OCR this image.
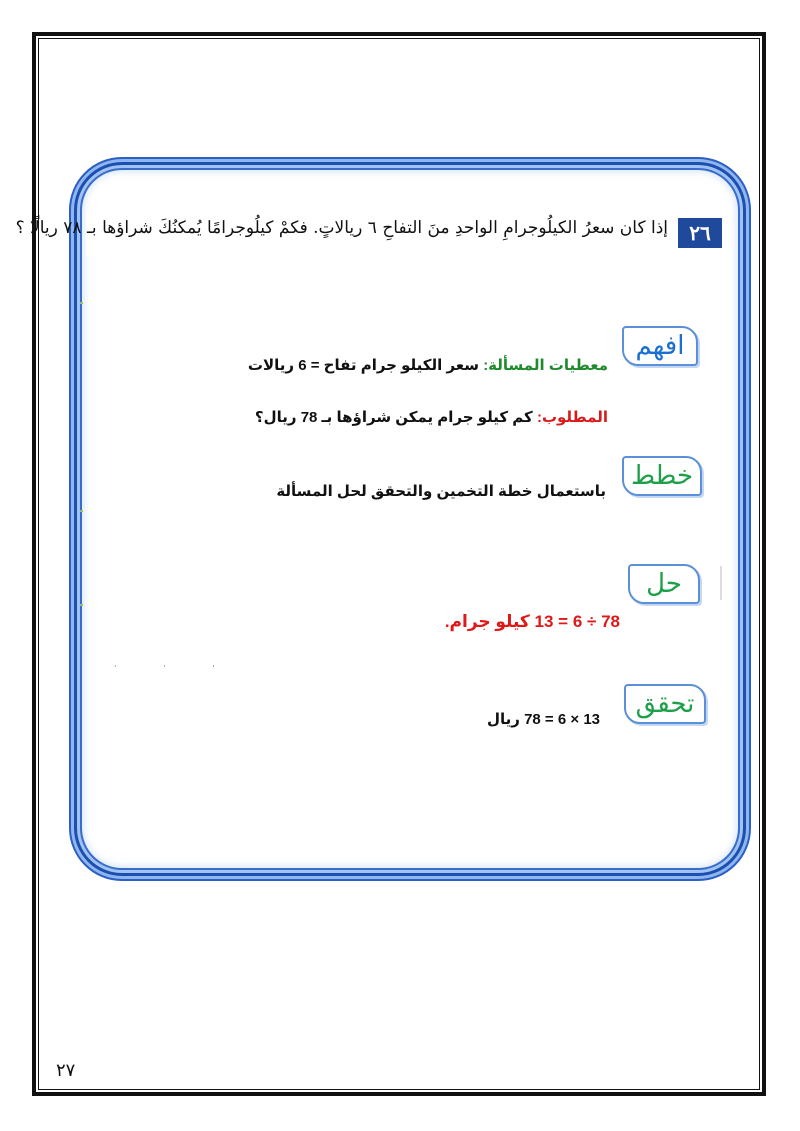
٢٦
إذا كان سعرُ الكيلُوجرامِ الواحدِ منَ التفاحِ ٦ ريالاتٍ. فكمْ كيلُوجرامًا يُمكنُكَ شراؤها بـ ٧٨ ريالًا ؟
افهم
معطيات المسألة: سعر الكيلو جرام تفاح = 6 ريالات
المطلوب: كم كيلو جرام يمكن شراؤها بـ 78 ريال؟
خطط
باستعمال خطة التخمين والتحقق لحل المسألة
حل
78 ÷ 6 = 13 كيلو جرام.
· · ·
تحقق
13 × 6 = 78 ريال
٢٧
